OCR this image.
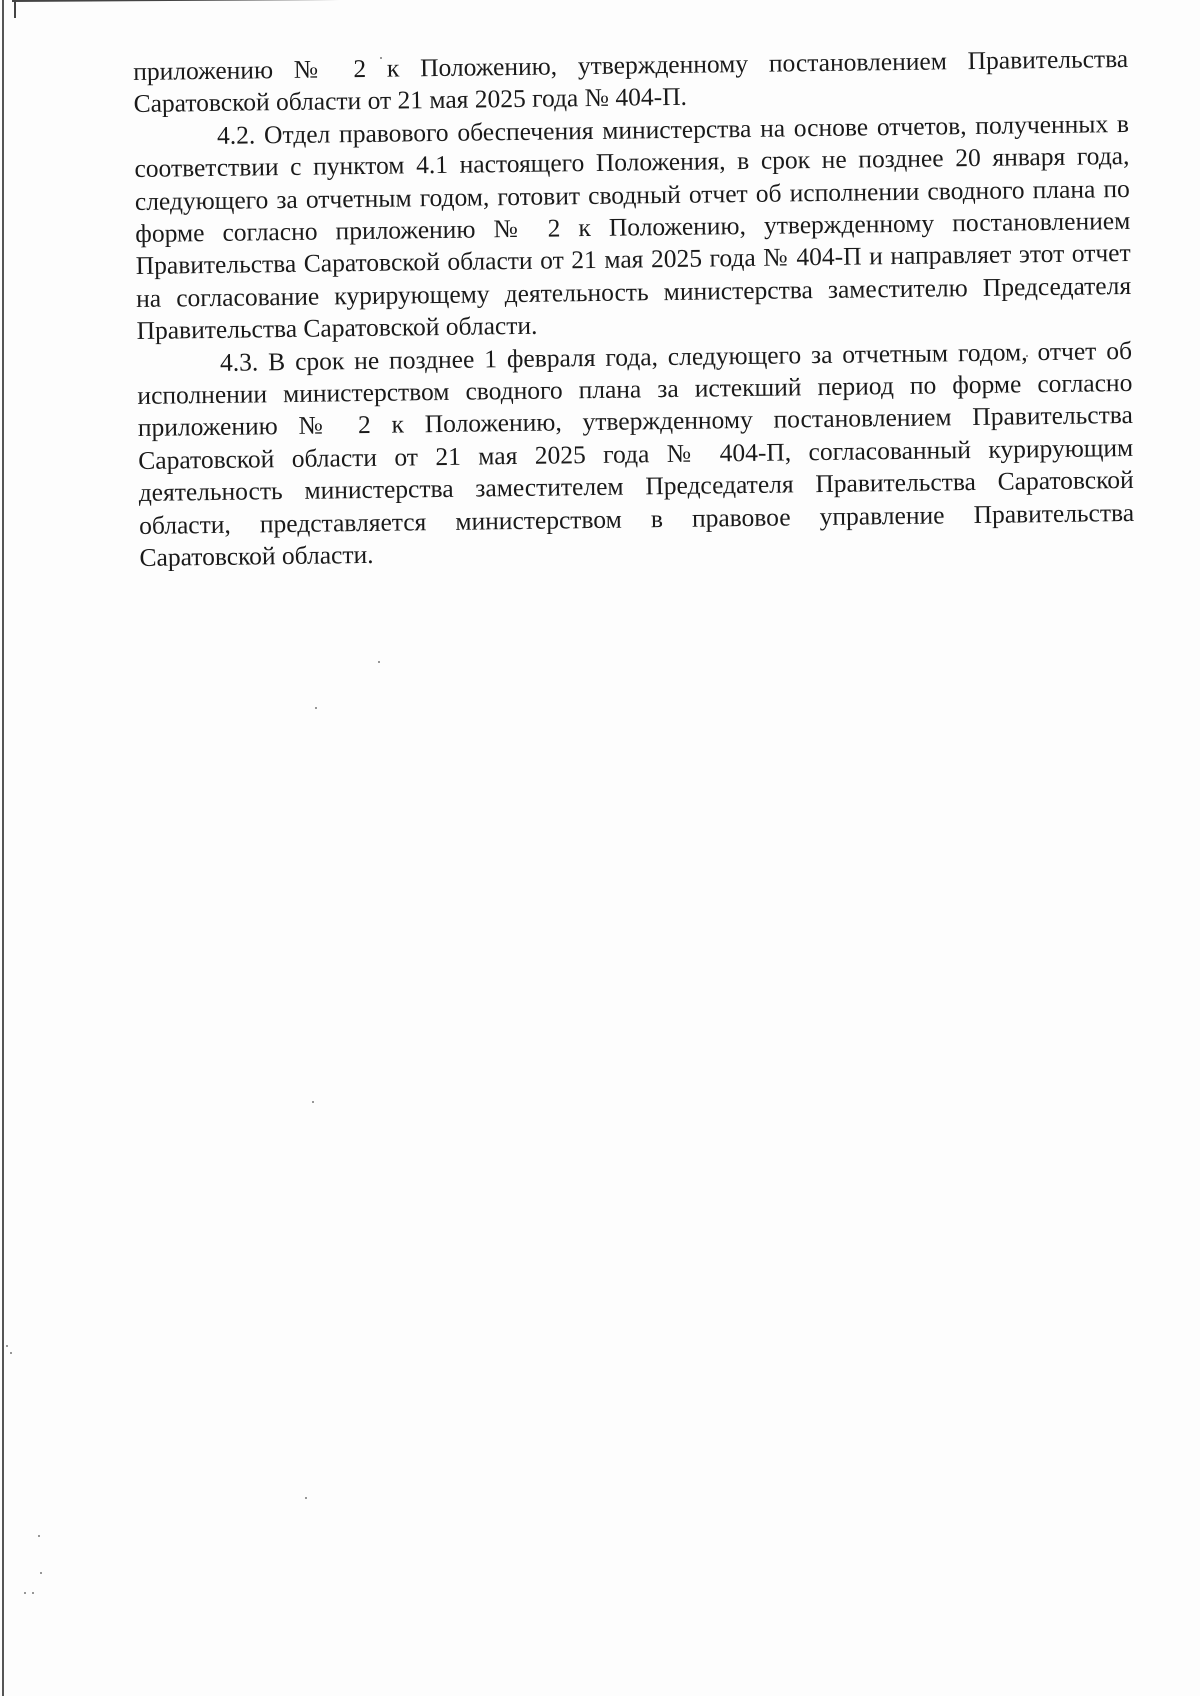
приложению № 2 к Положению, утвержденному постановлением Правительства Саратовской области от 21 мая 2025 года № 404-П.

4.2. Отдел правового обеспечения министерства на основе отчетов, полученных в соответствии с пунктом 4.1 настоящего Положения, в срок не позднее 20 января года, следующего за отчетным годом, готовит сводный отчет об исполнении сводного плана по форме согласно приложению № 2 к Положению, утвержденному постановлением Правительства Саратовской области от 21 мая 2025 года № 404-П и направляет этот отчет на согласование курирующему деятельность министерства заместителю Председателя Правительства Саратовской области.

4.3. В срок не позднее 1 февраля года, следующего за отчетным годом, отчет об исполнении министерством сводного плана за истекший период по форме согласно приложению № 2 к Положению, утвержденному постановлением Правительства Саратовской области от 21 мая 2025 года № 404-П, согласованный курирующим деятельность министерства заместителем Председателя Правительства Саратовской области, представляется министерством в правовое управление Правительства Саратовской области.
